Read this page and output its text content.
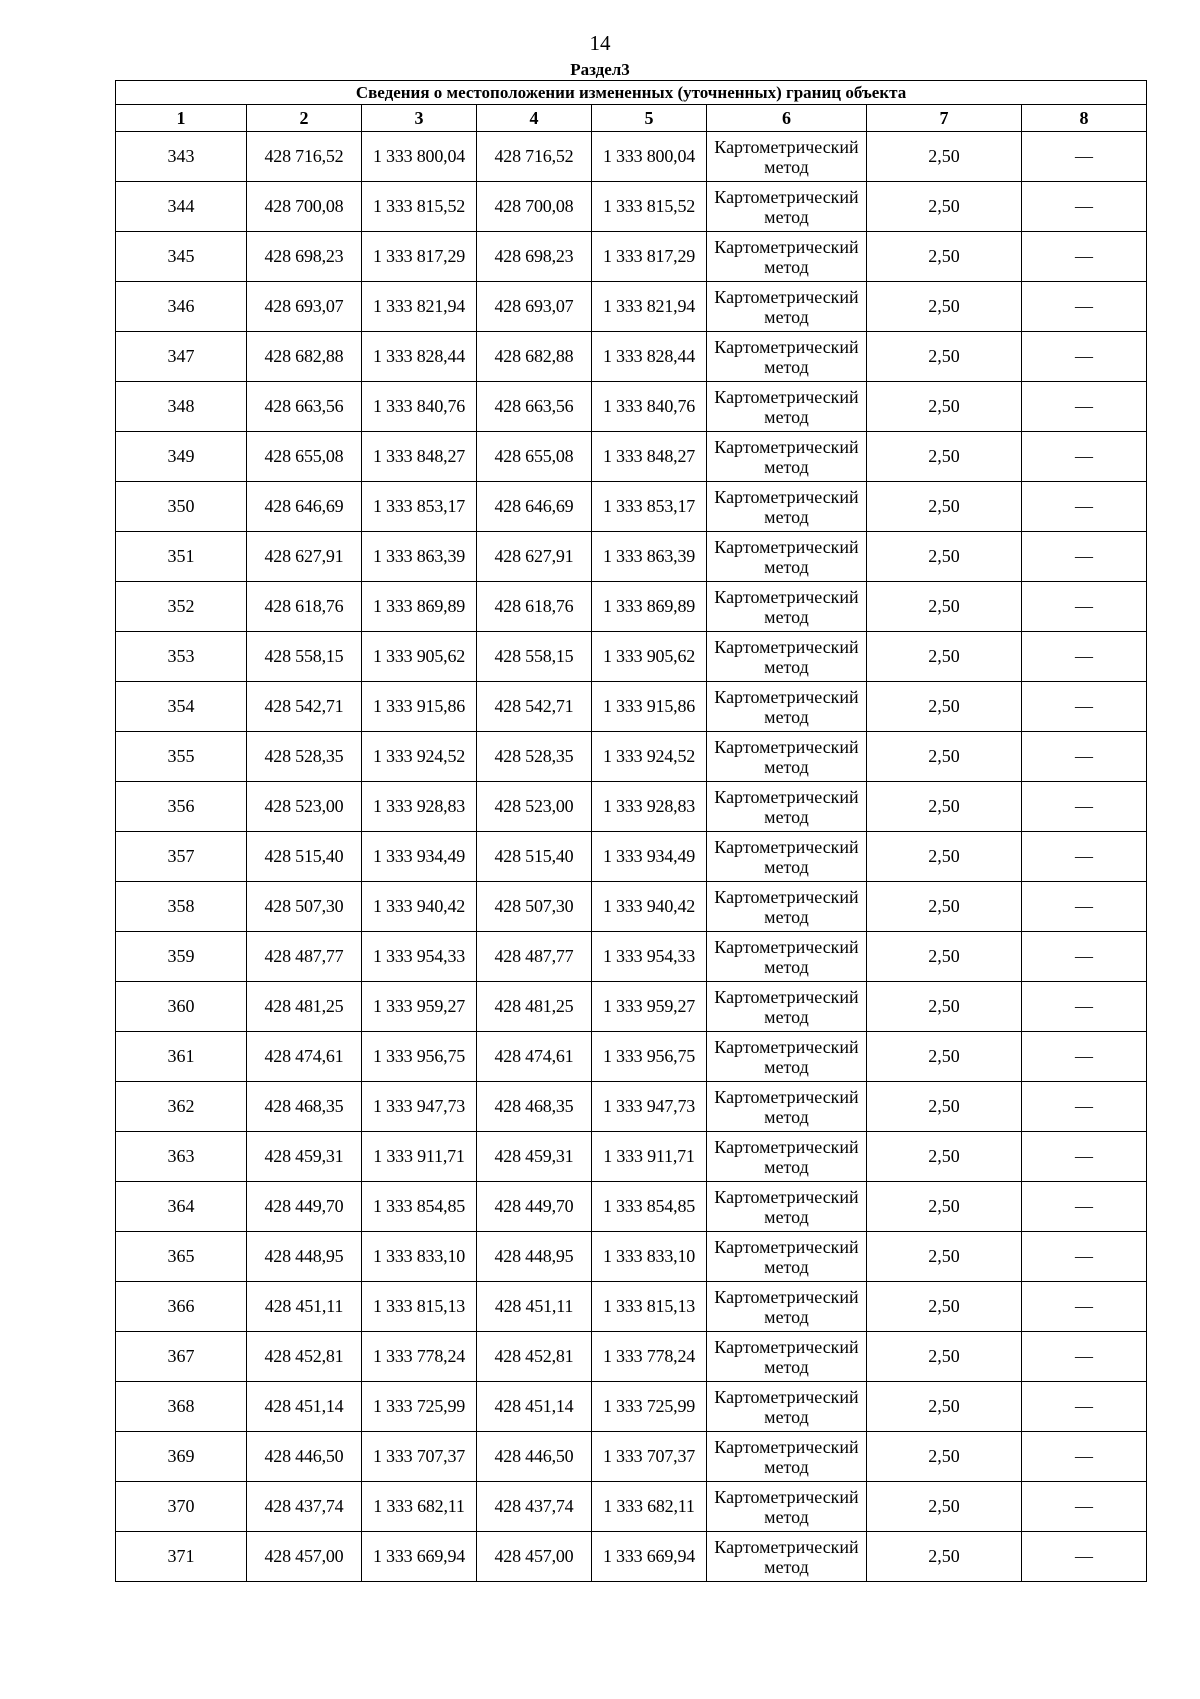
14
Раздел3
Сведения о местоположении измененных (уточненных) границ объекта							
1	2	3	4	5	6	7	8
343	428 716,52	1 333 800,04	428 716,52	1 333 800,04	Картометрический метод	2,50	—
344	428 700,08	1 333 815,52	428 700,08	1 333 815,52	Картометрический метод	2,50	—
345	428 698,23	1 333 817,29	428 698,23	1 333 817,29	Картометрический метод	2,50	—
346	428 693,07	1 333 821,94	428 693,07	1 333 821,94	Картометрический метод	2,50	—
347	428 682,88	1 333 828,44	428 682,88	1 333 828,44	Картометрический метод	2,50	—
348	428 663,56	1 333 840,76	428 663,56	1 333 840,76	Картометрический метод	2,50	—
349	428 655,08	1 333 848,27	428 655,08	1 333 848,27	Картометрический метод	2,50	—
350	428 646,69	1 333 853,17	428 646,69	1 333 853,17	Картометрический метод	2,50	—
351	428 627,91	1 333 863,39	428 627,91	1 333 863,39	Картометрический метод	2,50	—
352	428 618,76	1 333 869,89	428 618,76	1 333 869,89	Картометрический метод	2,50	—
353	428 558,15	1 333 905,62	428 558,15	1 333 905,62	Картометрический метод	2,50	—
354	428 542,71	1 333 915,86	428 542,71	1 333 915,86	Картометрический метод	2,50	—
355	428 528,35	1 333 924,52	428 528,35	1 333 924,52	Картометрический метод	2,50	—
356	428 523,00	1 333 928,83	428 523,00	1 333 928,83	Картометрический метод	2,50	—
357	428 515,40	1 333 934,49	428 515,40	1 333 934,49	Картометрический метод	2,50	—
358	428 507,30	1 333 940,42	428 507,30	1 333 940,42	Картометрический метод	2,50	—
359	428 487,77	1 333 954,33	428 487,77	1 333 954,33	Картометрический метод	2,50	—
360	428 481,25	1 333 959,27	428 481,25	1 333 959,27	Картометрический метод	2,50	—
361	428 474,61	1 333 956,75	428 474,61	1 333 956,75	Картометрический метод	2,50	—
362	428 468,35	1 333 947,73	428 468,35	1 333 947,73	Картометрический метод	2,50	—
363	428 459,31	1 333 911,71	428 459,31	1 333 911,71	Картометрический метод	2,50	—
364	428 449,70	1 333 854,85	428 449,70	1 333 854,85	Картометрический метод	2,50	—
365	428 448,95	1 333 833,10	428 448,95	1 333 833,10	Картометрический метод	2,50	—
366	428 451,11	1 333 815,13	428 451,11	1 333 815,13	Картометрический метод	2,50	—
367	428 452,81	1 333 778,24	428 452,81	1 333 778,24	Картометрический метод	2,50	—
368	428 451,14	1 333 725,99	428 451,14	1 333 725,99	Картометрический метод	2,50	—
369	428 446,50	1 333 707,37	428 446,50	1 333 707,37	Картометрический метод	2,50	—
370	428 437,74	1 333 682,11	428 437,74	1 333 682,11	Картометрический метод	2,50	—
371	428 457,00	1 333 669,94	428 457,00	1 333 669,94	Картометрический метод	2,50	—
